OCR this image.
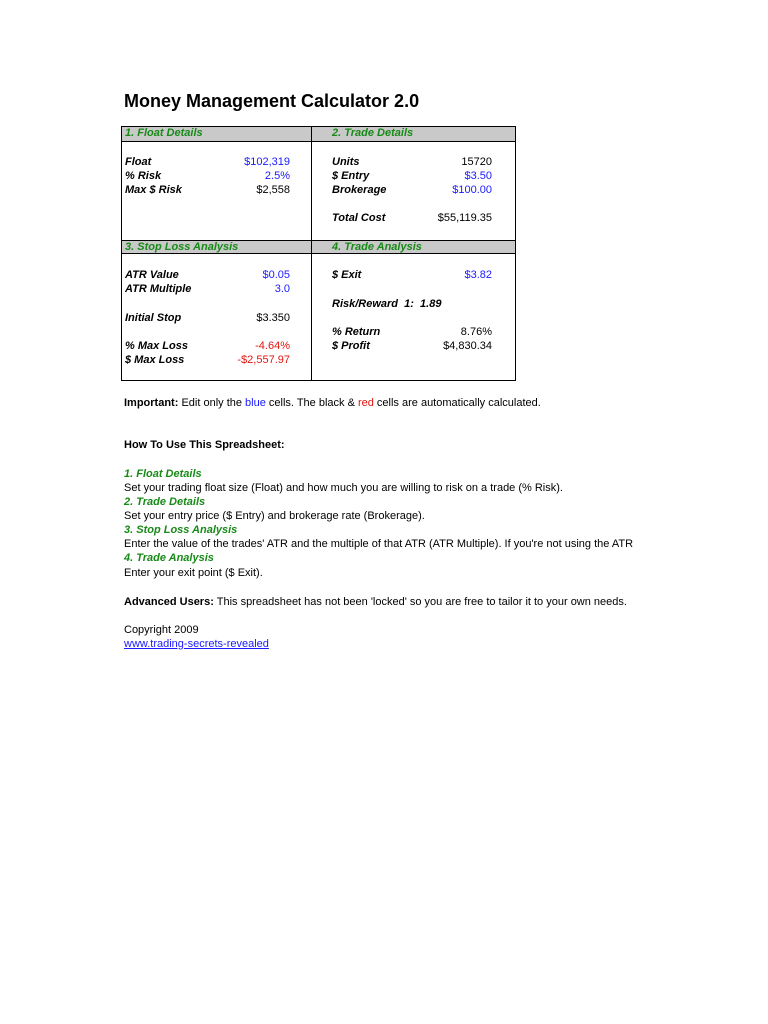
Money Management Calculator 2.0
1. Float Details	2. Trade Details
3. Stop Loss Analysis	4. Trade Analysis
Float	$102,319
% Risk	2.5%
Max $ Risk	$2,558
Units	15720
$ Entry	$3.50
Brokerage	$100.00
Total Cost	$55,119.35
ATR Value	$0.05
ATR Multiple	3.0
Initial Stop	$3.350
% Max Loss	-4.64%
$ Max Loss	-$2,557.97
$ Exit	$3.82
Risk/Reward  1:  1.89
% Return	8.76%
$ Profit	$4,830.34
Important: Edit only the blue cells. The black & red cells are automatically calculated.
How To Use This Spreadsheet:
1. Float Details
Set your trading float size (Float) and how much you are willing to risk on a trade (% Risk).
2. Trade Details
Set your entry price ($ Entry) and brokerage rate (Brokerage).
3. Stop Loss Analysis
Enter the value of the trades' ATR and the multiple of that ATR (ATR Multiple). If you're not using the ATR
4. Trade Analysis
Enter your exit point ($ Exit).
Advanced Users: This spreadsheet has not been 'locked' so you are free to tailor it to your own needs.
Copyright 2009
www.trading-secrets-revealed
